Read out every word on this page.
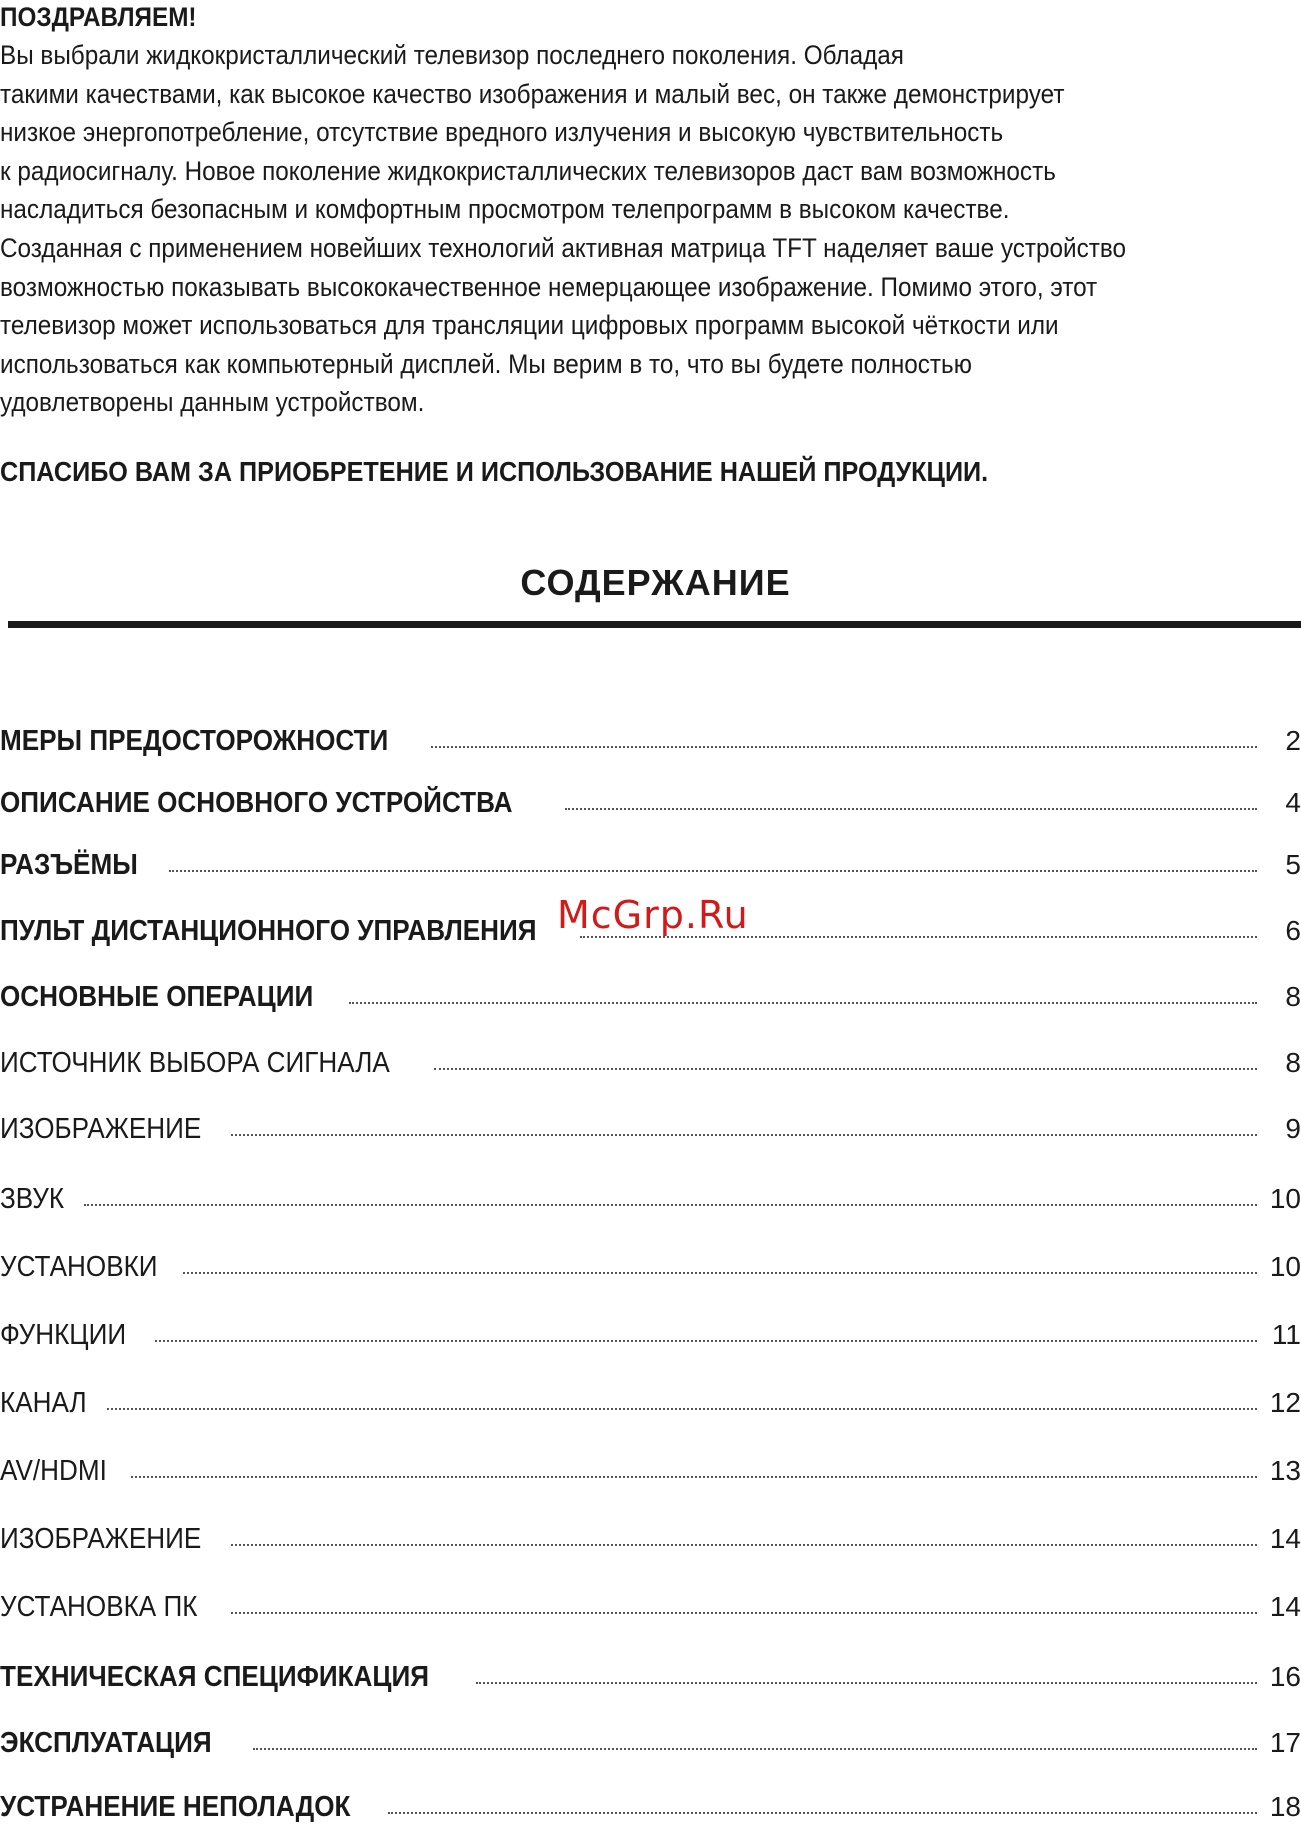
ПОЗДРАВЛЯЕМ!
Вы выбрали жидкокристаллический телевизор последнего поколения. Обладая
такими качествами, как высокое качество изображения и малый вес, он также демонстрирует
низкое энергопотребление, отсутствие вредного излучения и высокую чувствительность
к радиосигналу. Новое поколение жидкокристаллических телевизоров даст вам возможность
насладиться безопасным и комфортным просмотром телепрограмм в высоком качестве.
Созданная с применением новейших технологий активная матрица TFT наделяет ваше устройство
возможностью показывать высококачественное немерцающее изображение. Помимо этого, этот
телевизор может использоваться для трансляции цифровых программ высокой чёткости или
использоваться как компьютерный дисплей. Мы верим в то, что вы будете полностью
удовлетворены данным устройством.
СПАСИБО ВАМ ЗА ПРИОБРЕТЕНИЕ И ИСПОЛЬЗОВАНИЕ НАШЕЙ ПРОДУКЦИИ.
СОДЕРЖАНИЕ
МЕРЫ ПРЕДОСТОРОЖНОСТИ	2
ОПИСАНИЕ ОСНОВНОГО УСТРОЙСТВА	4
РАЗЪЁМЫ	5
ПУЛЬТ ДИСТАНЦИОННОГО УПРАВЛЕНИЯ	6
ОСНОВНЫЕ ОПЕРАЦИИ	8
ИСТОЧНИК ВЫБОРА СИГНАЛА	8
ИЗОБРАЖЕНИЕ	9
ЗВУК	10
УСТАНОВКИ	10
ФУНКЦИИ	11
КАНАЛ	12
AV/HDMI	13
ИЗОБРАЖЕНИЕ	14
УСТАНОВКА ПК	14
ТЕХНИЧЕСКАЯ СПЕЦИФИКАЦИЯ	16
ЭКСПЛУАТАЦИЯ	17
УСТРАНЕНИЕ НЕПОЛАДОК	18
McGrp.Ru
